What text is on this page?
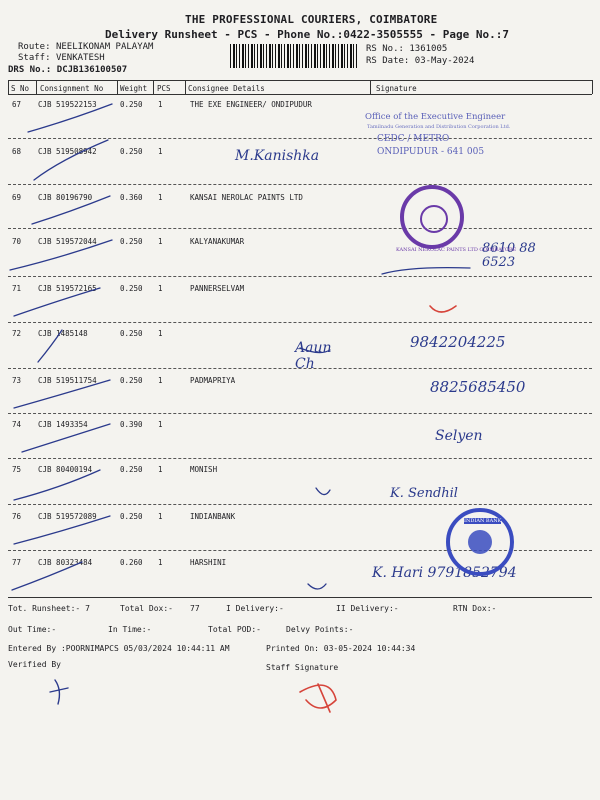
THE PROFESSIONAL COURIERS, COIMBATORE
Delivery Runsheet - PCS - Phone No.:0422-3505555 - Page No.:7
Route: NEELIKONAM PALAYAM
Staff: VENKATESH
DRS No.: DCJB136100507
RS No.: 1361005
RS Date: 03-May-2024
S No Consignment No Weight PCS Consignee Details	Signature
67 CJB 519522153	0.250 1	THE EXE ENGINEER/ ONDIPUDUR
68 CJB 519508942	0.250 1
69 CJB 80196790	0.360 1	KANSAI NEROLAC PAINTS LTD
70 CJB 519572044	0.250 1	KALYANAKUMAR
71 CJB 519572165	0.250 1	PANNERSELVAM
72 CJB 1485148	0.250 1
73 CJB 519511754	0.250 1	PADMAPRIYA
74 CJB 1493354	0.390 1
75 CJB 80400194	0.250 1	MONISH
76 CJB 519572089	0.250 1	INDIANBANK
77 CJB 80323484	0.260 1	HARSHINI
M.Kanishka
8610 88 6523
Aaun Ch
9842204225
8825685450
Selyen
K. Sendhil
K. Hari 9791852794
Office of the Executive Engineer
Tamilnadu Generation and Distribution Corporation Ltd.
CEDC / METRO
ONDIPUDUR - 641 005
KANSAI NEROLAC PAINTS LTD COIMBATORE
INDIAN BANK
Tot. Runsheet:- 7	Total Dox:- 77	I Delivery:-	II Delivery:-	RTN Dox:-
Out Time:-	In Time:-	Total POD:-	Delvy Points:-
Entered By :POORNIMAPCS 05/03/2024 10:44:11 AM	Printed On: 03-05-2024 10:44:34
Verified By	Staff Signature
